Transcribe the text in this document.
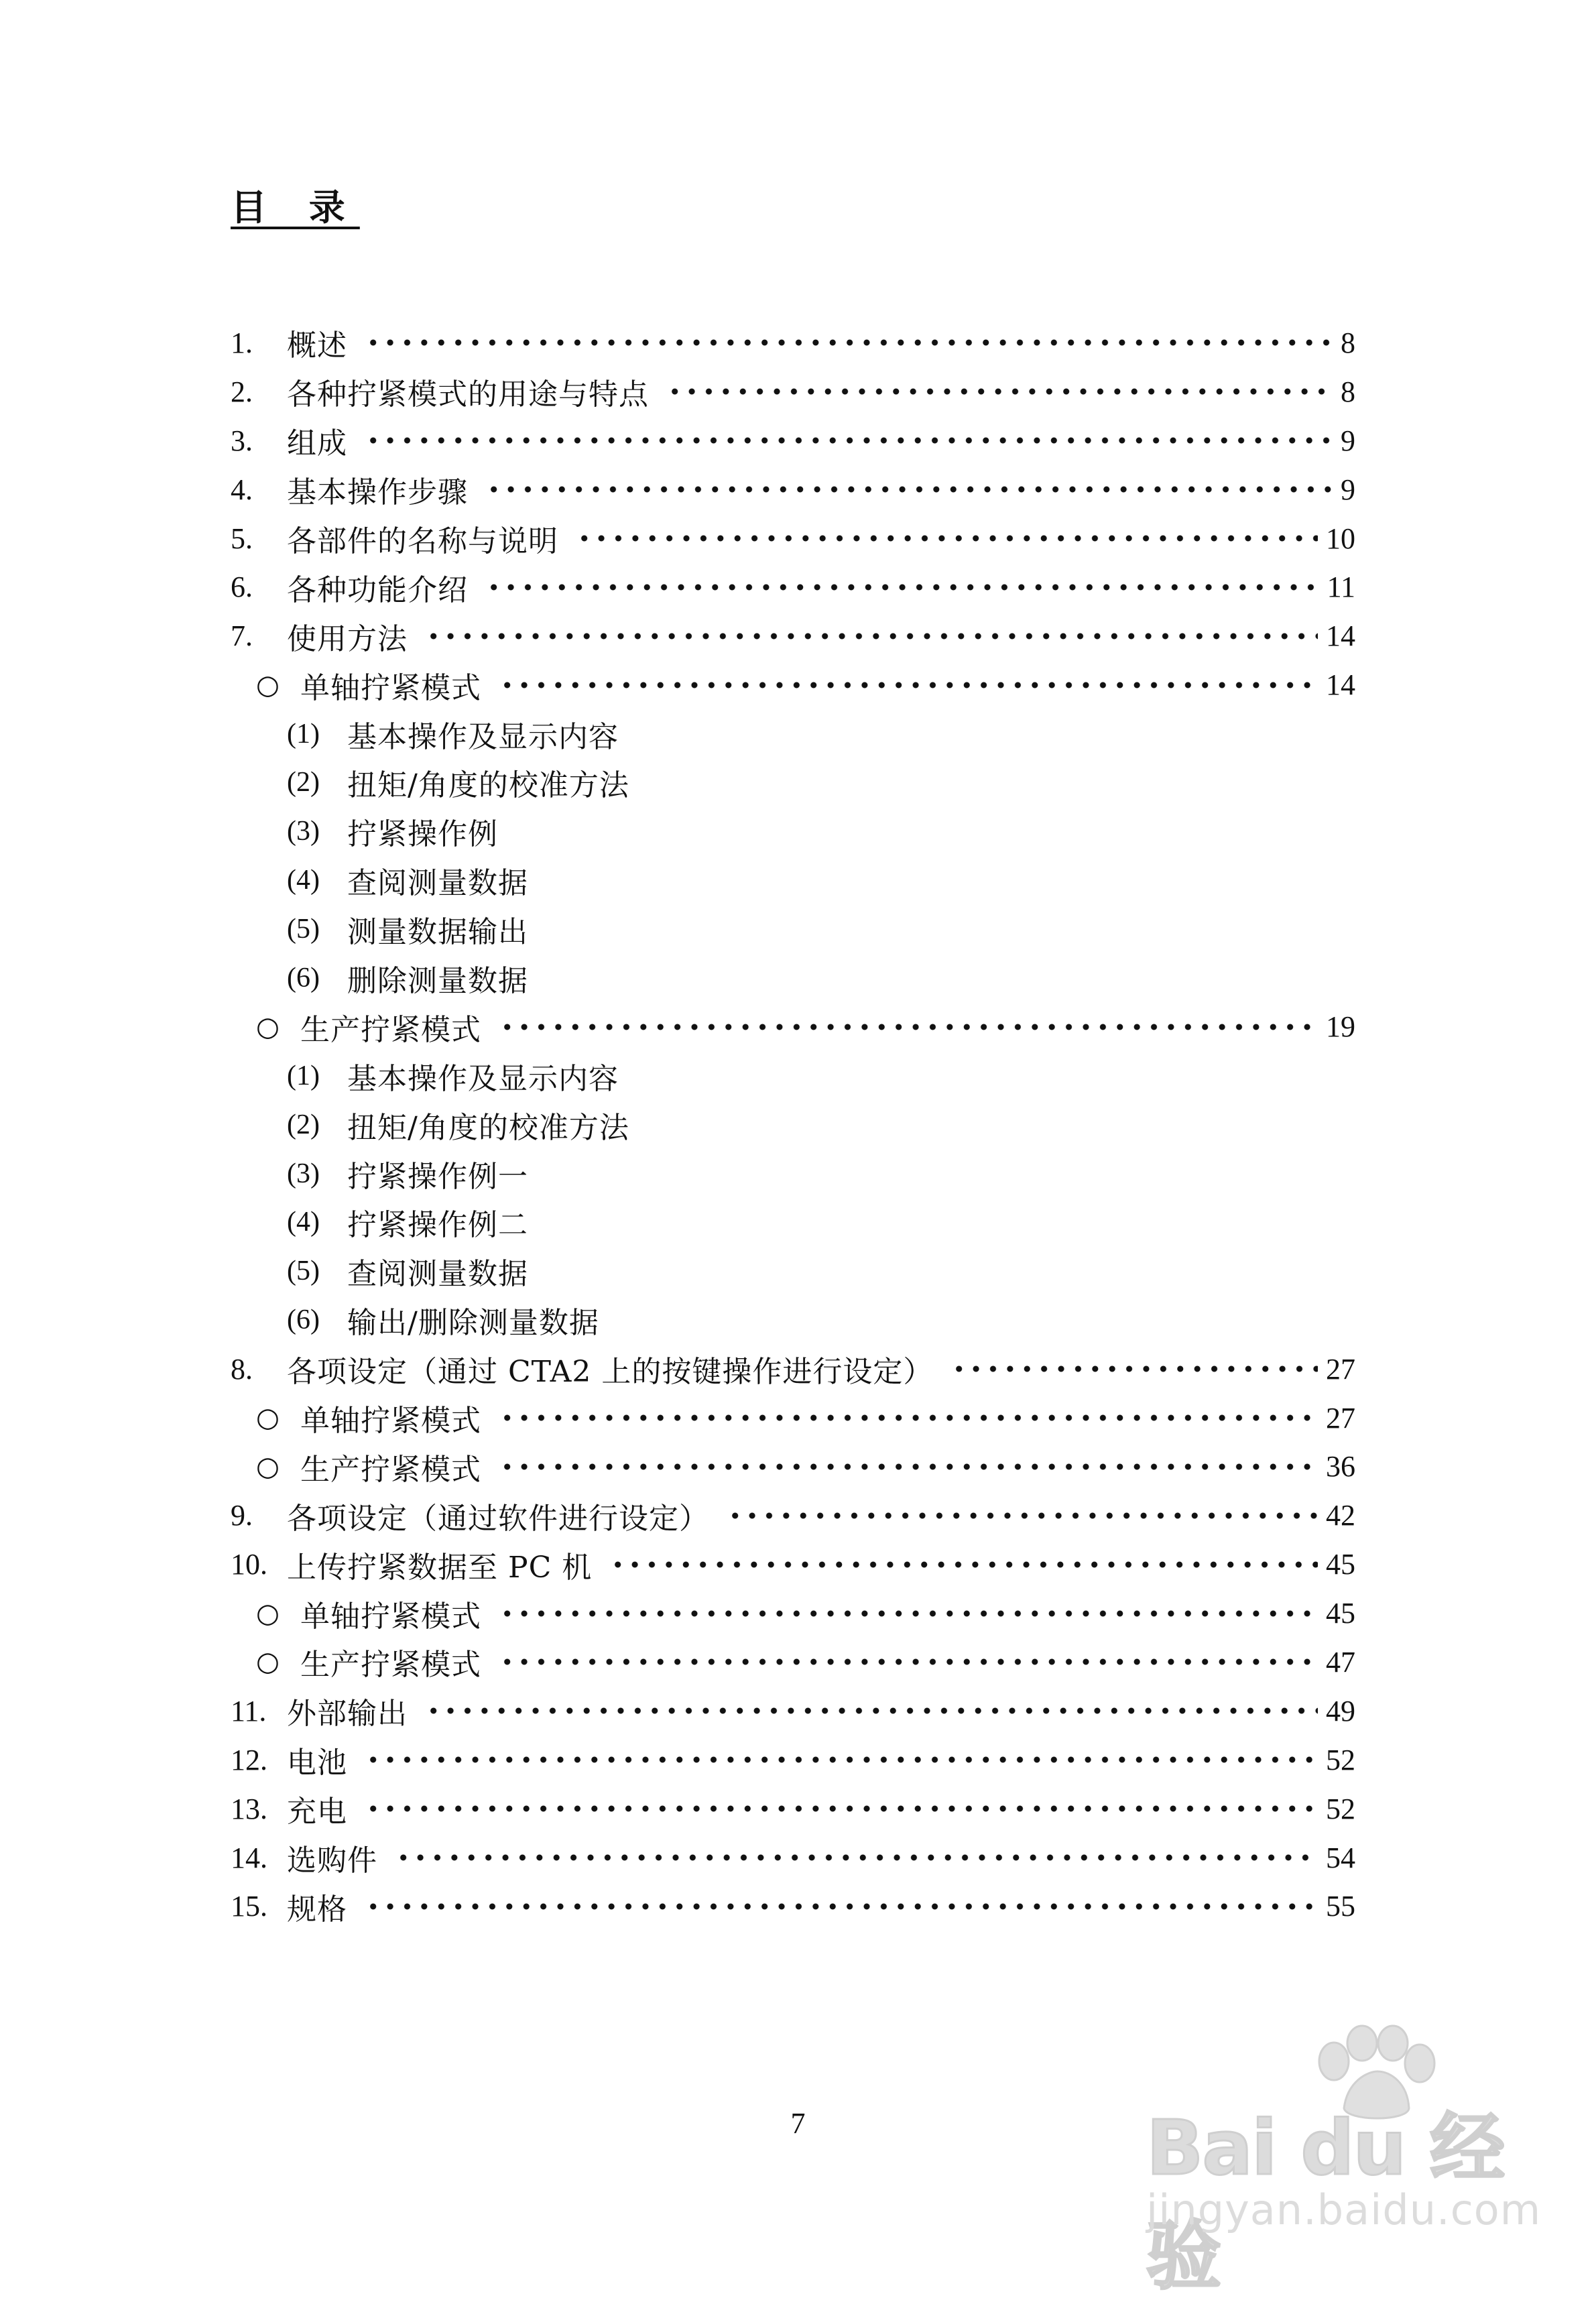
目 录
1.	概述	8
2.	各种拧紧模式的用途与特点	8
3.	组成	9
4.	基本操作步骤	9
5.	各部件的名称与说明	10
6.	各种功能介绍	11
7.	使用方法	14
○ 单轴拧紧模式	14
(1) 基本操作及显示内容
(2) 扭矩/角度的校准方法
(3) 拧紧操作例
(4) 查阅测量数据
(5) 测量数据输出
(6) 删除测量数据
○ 生产拧紧模式	19
(1) 基本操作及显示内容
(2) 扭矩/角度的校准方法
(3) 拧紧操作例一
(4) 拧紧操作例二
(5) 查阅测量数据
(6) 输出/删除测量数据
8.	各项设定（通过 CTA2 上的按键操作进行设定）	27
○ 单轴拧紧模式	27
○ 生产拧紧模式	36
9.	各项设定（通过软件进行设定）	42
10. 上传拧紧数据至 PC 机	45
○ 单轴拧紧模式	45
○ 生产拧紧模式	47
11. 外部输出	49
12. 电池	52
13. 充电	52
14. 选购件	54
15. 规格	55
7	Bai du 经验
jingyan.baidu.com
